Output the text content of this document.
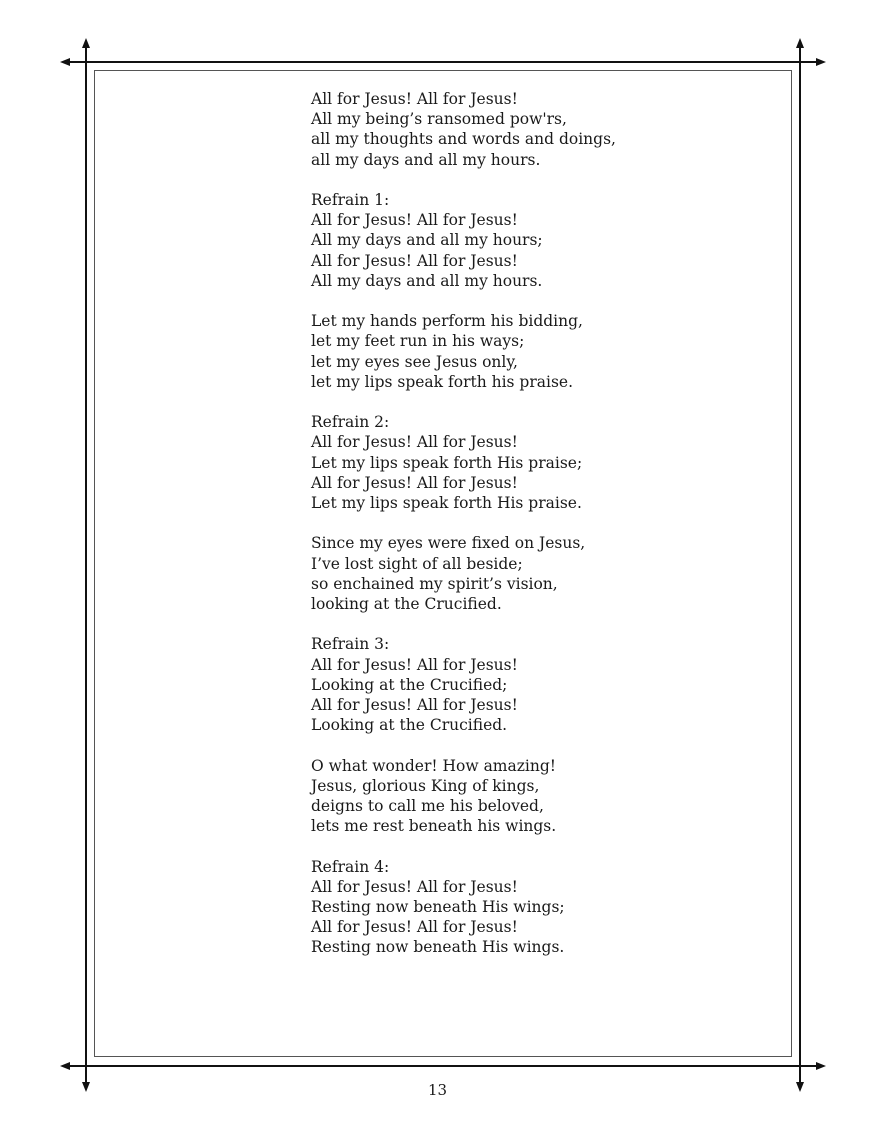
All for Jesus! All for Jesus!
All my being’s ransomed pow'rs,
all my thoughts and words and doings,
all my days and all my hours.
Refrain 1:
All for Jesus! All for Jesus!
All my days and all my hours;
All for Jesus! All for Jesus!
All my days and all my hours.
Let my hands perform his bidding,
let my feet run in his ways;
let my eyes see Jesus only,
let my lips speak forth his praise.
Refrain 2:
All for Jesus! All for Jesus!
Let my lips speak forth His praise;
All for Jesus! All for Jesus!
Let my lips speak forth His praise.
Since my eyes were fixed on Jesus,
I’ve lost sight of all beside;
so enchained my spirit’s vision,
looking at the Crucified.
Refrain 3:
All for Jesus! All for Jesus!
Looking at the Crucified;
All for Jesus! All for Jesus!
Looking at the Crucified.
O what wonder! How amazing!
Jesus, glorious King of kings,
deigns to call me his beloved,
lets me rest beneath his wings.
Refrain 4:
All for Jesus! All for Jesus!
Resting now beneath His wings;
All for Jesus! All for Jesus!
Resting now beneath His wings.
13
